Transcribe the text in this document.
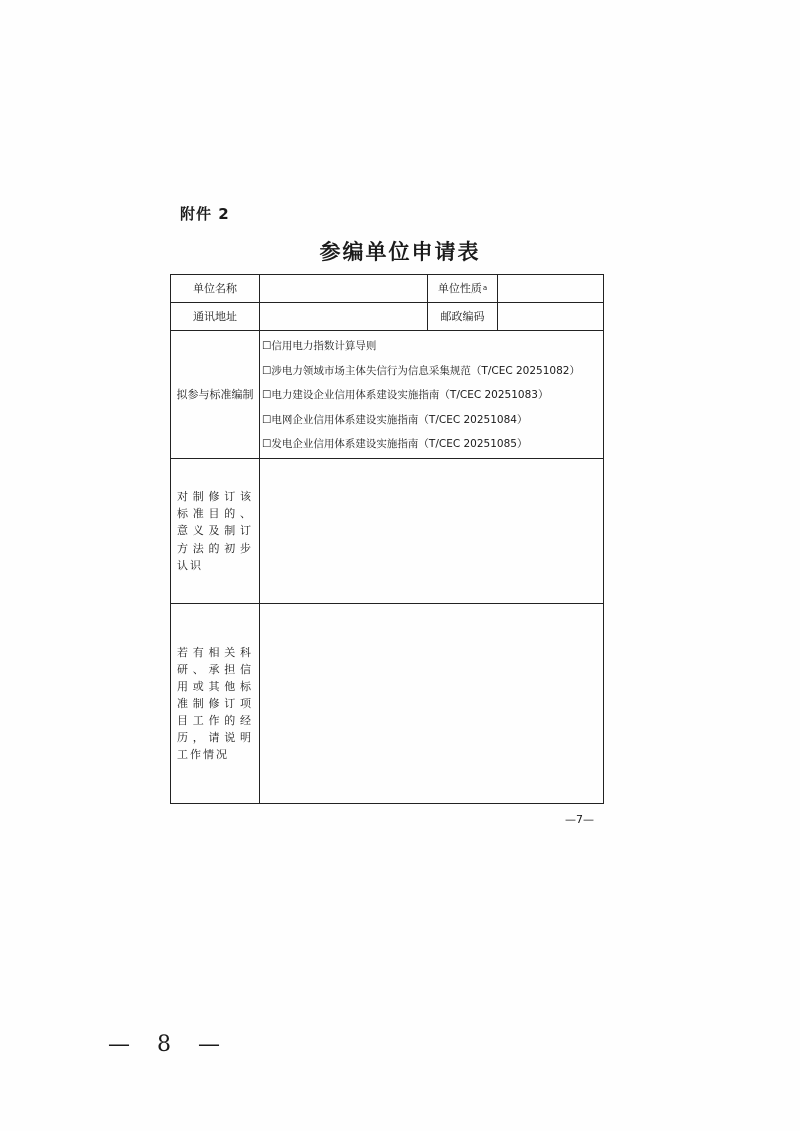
附件 2
参编单位申请表
单位名称	单位性质 a
通讯地址	邮政编码
拟参与标准编制
☐信用电力指数计算导则
☐涉电力领域市场主体失信行为信息采集规范（T/CEC 20251082）
☐电力建设企业信用体系建设实施指南（T/CEC 20251083）
☐电网企业信用体系建设实施指南（T/CEC 20251084）
☐发电企业信用体系建设实施指南（T/CEC 20251085）
对制修订该标准目的、意义及制订方法的初步认识
若有相关科研、承担信用或其他标准制修订项目工作的经历，请说明工作情况
—7—
— 8 —
